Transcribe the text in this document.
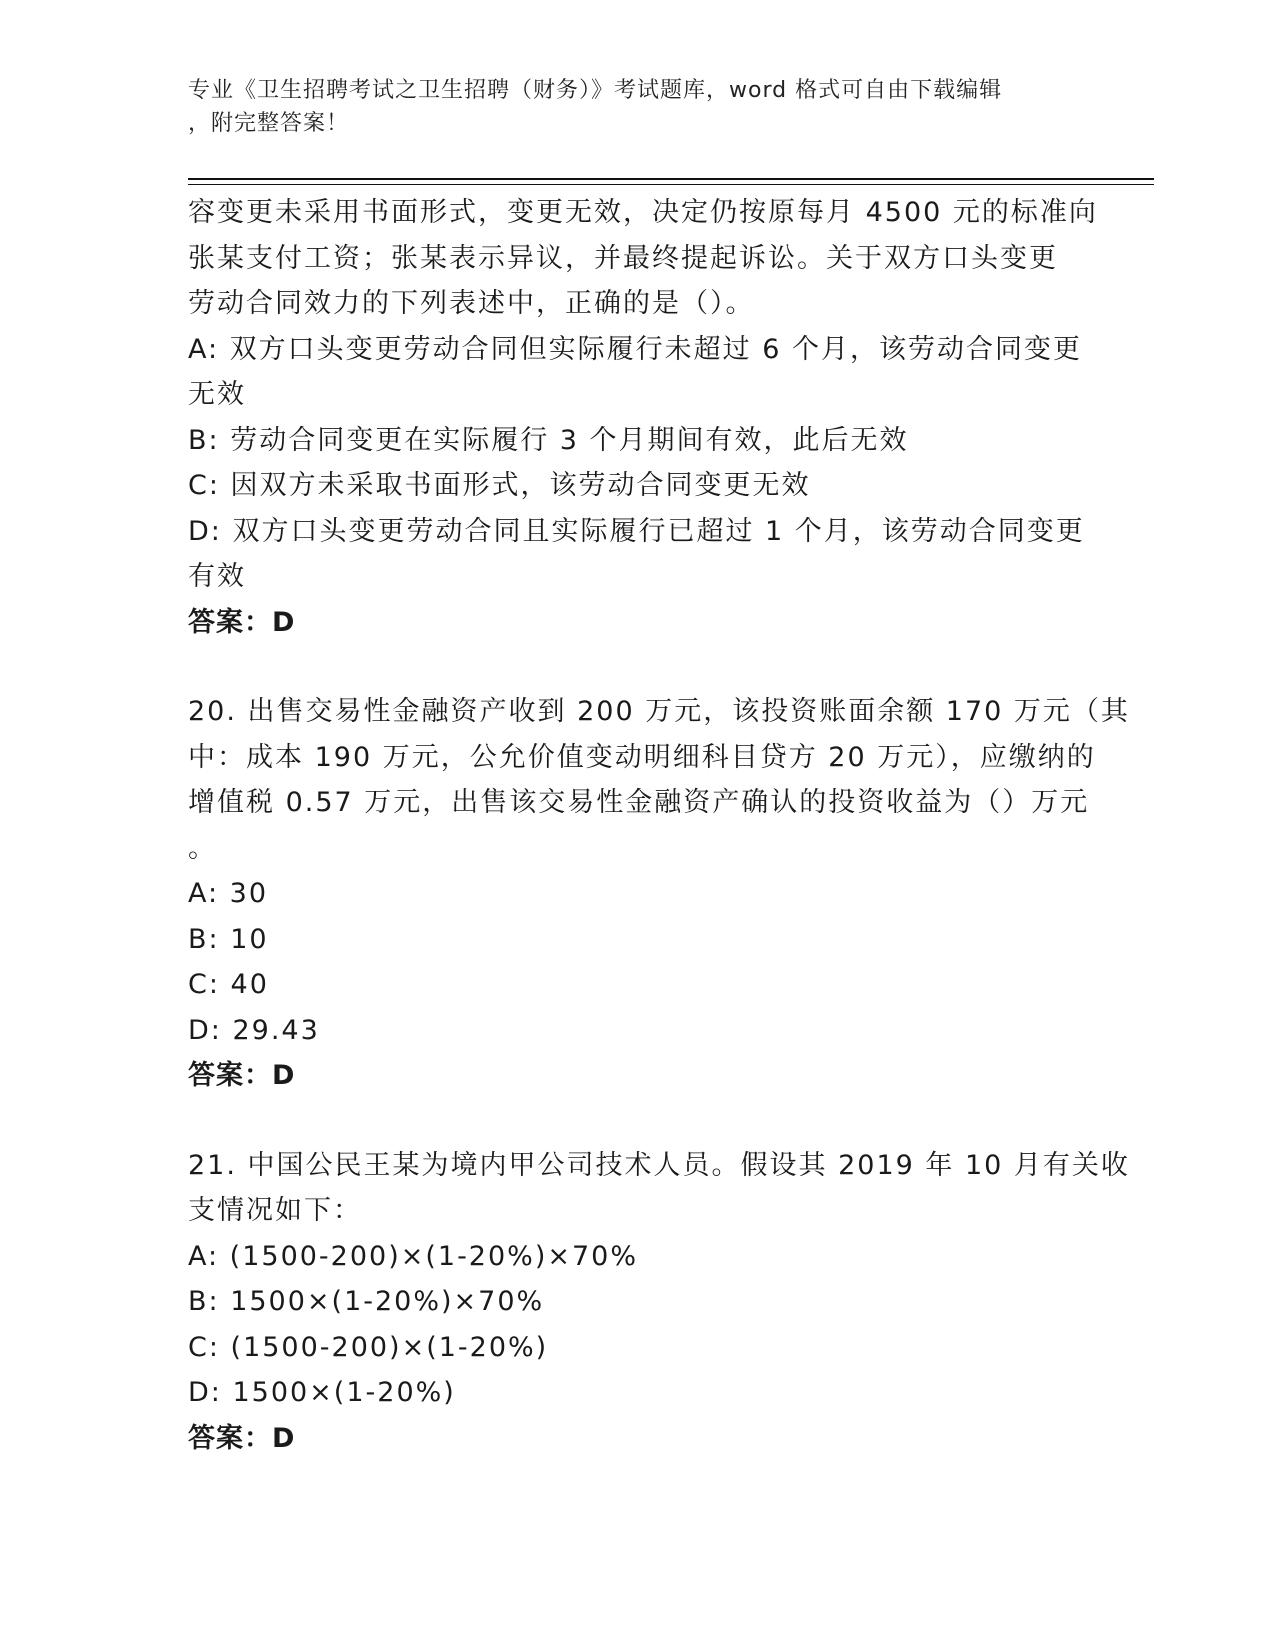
专业《卫生招聘考试之卫生招聘（财务）》考试题库，word 格式可自由下载编辑
，附完整答案！
容变更未采用书面形式，变更无效，决定仍按原每月 4500 元的标准向
张某支付工资；张某表示异议，并最终提起诉讼。关于双方口头变更
劳动合同效力的下列表述中，正确的是（）。
A: 双方口头变更劳动合同但实际履行未超过 6 个月，该劳动合同变更
无效
B: 劳动合同变更在实际履行 3 个月期间有效，此后无效
C: 因双方未采取书面形式，该劳动合同变更无效
D: 双方口头变更劳动合同且实际履行已超过 1 个月，该劳动合同变更
有效
答案：D
20. 出售交易性金融资产收到 200 万元，该投资账面余额 170 万元（其
中：成本 190 万元，公允价值变动明细科目贷方 20 万元），应缴纳的
增值税 0.57 万元，出售该交易性金融资产确认的投资收益为（）万元
。
A: 30
B: 10
C: 40
D: 29.43
答案：D
21. 中国公民王某为境内甲公司技术人员。假设其 2019 年 10 月有关收
支情况如下：
A: (1500-200)×(1-20%)×70%
B: 1500×(1-20%)×70%
C: (1500-200)×(1-20%)
D: 1500×(1-20%)
答案：D
